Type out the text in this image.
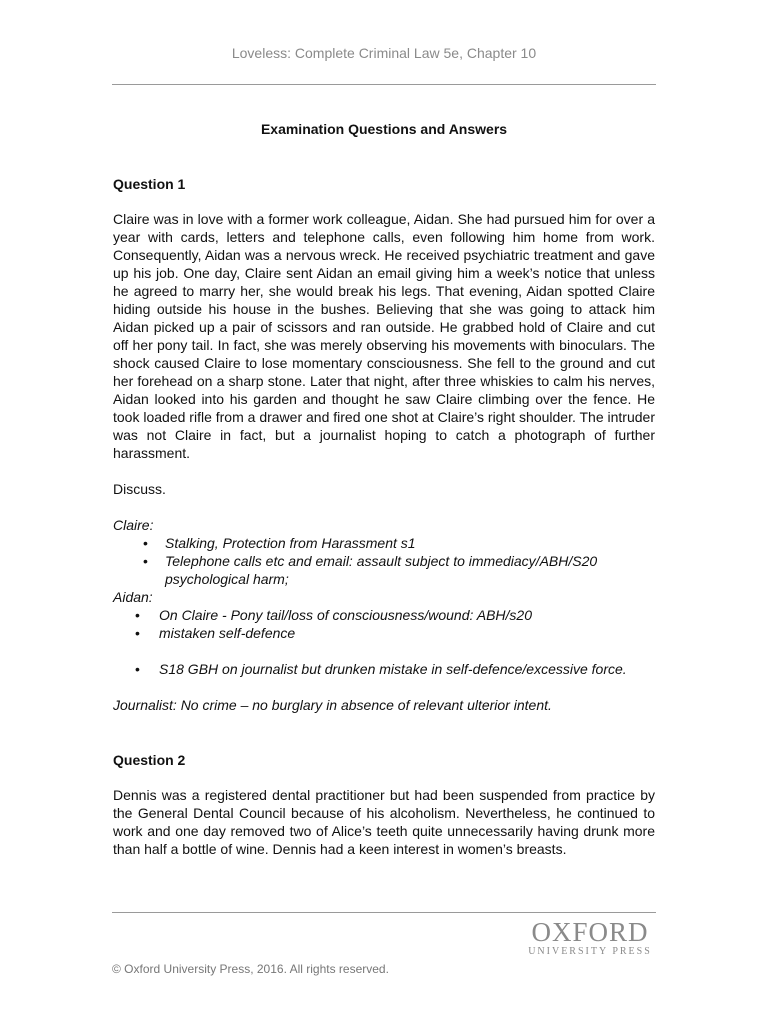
Loveless: Complete Criminal Law 5e, Chapter 10

Examination Questions and Answers

Question 1

Claire was in love with a former work colleague, Aidan. She had pursued him for over a year with cards, letters and telephone calls, even following him home from work. Consequently, Aidan was a nervous wreck. He received psychiatric treatment and gave up his job. One day, Claire sent Aidan an email giving him a week’s notice that unless he agreed to marry her, she would break his legs. That evening, Aidan spotted Claire hiding outside his house in the bushes. Believing that she was going to attack him Aidan picked up a pair of scissors and ran outside. He grabbed hold of Claire and cut off her pony tail. In fact, she was merely observing his movements with binoculars. The shock caused Claire to lose momentary consciousness. She fell to the ground and cut her forehead on a sharp stone. Later that night, after three whiskies to calm his nerves, Aidan looked into his garden and thought he saw Claire climbing over the fence. He took loaded rifle from a drawer and fired one shot at Claire’s right shoulder. The intruder was not Claire in fact, but a journalist hoping to catch a photograph of further harassment.

Discuss.

Claire:

• Stalking, Protection from Harassment s1
• Telephone calls etc and email: assault subject to immediacy/ABH/S20 psychological harm;

Aidan:

• On Claire - Pony tail/loss of consciousness/wound: ABH/s20
• mistaken self-defence
• S18 GBH on journalist but drunken mistake in self-defence/excessive force.

Journalist: No crime – no burglary in absence of relevant ulterior intent.

Question 2

Dennis was a registered dental practitioner but had been suspended from practice by the General Dental Council because of his alcoholism. Nevertheless, he continued to work and one day removed two of Alice’s teeth quite unnecessarily having drunk more than half a bottle of wine. Dennis had a keen interest in women’s breasts.

OXFORD
UNIVERSITY PRESS
© Oxford University Press, 2016. All rights reserved.
